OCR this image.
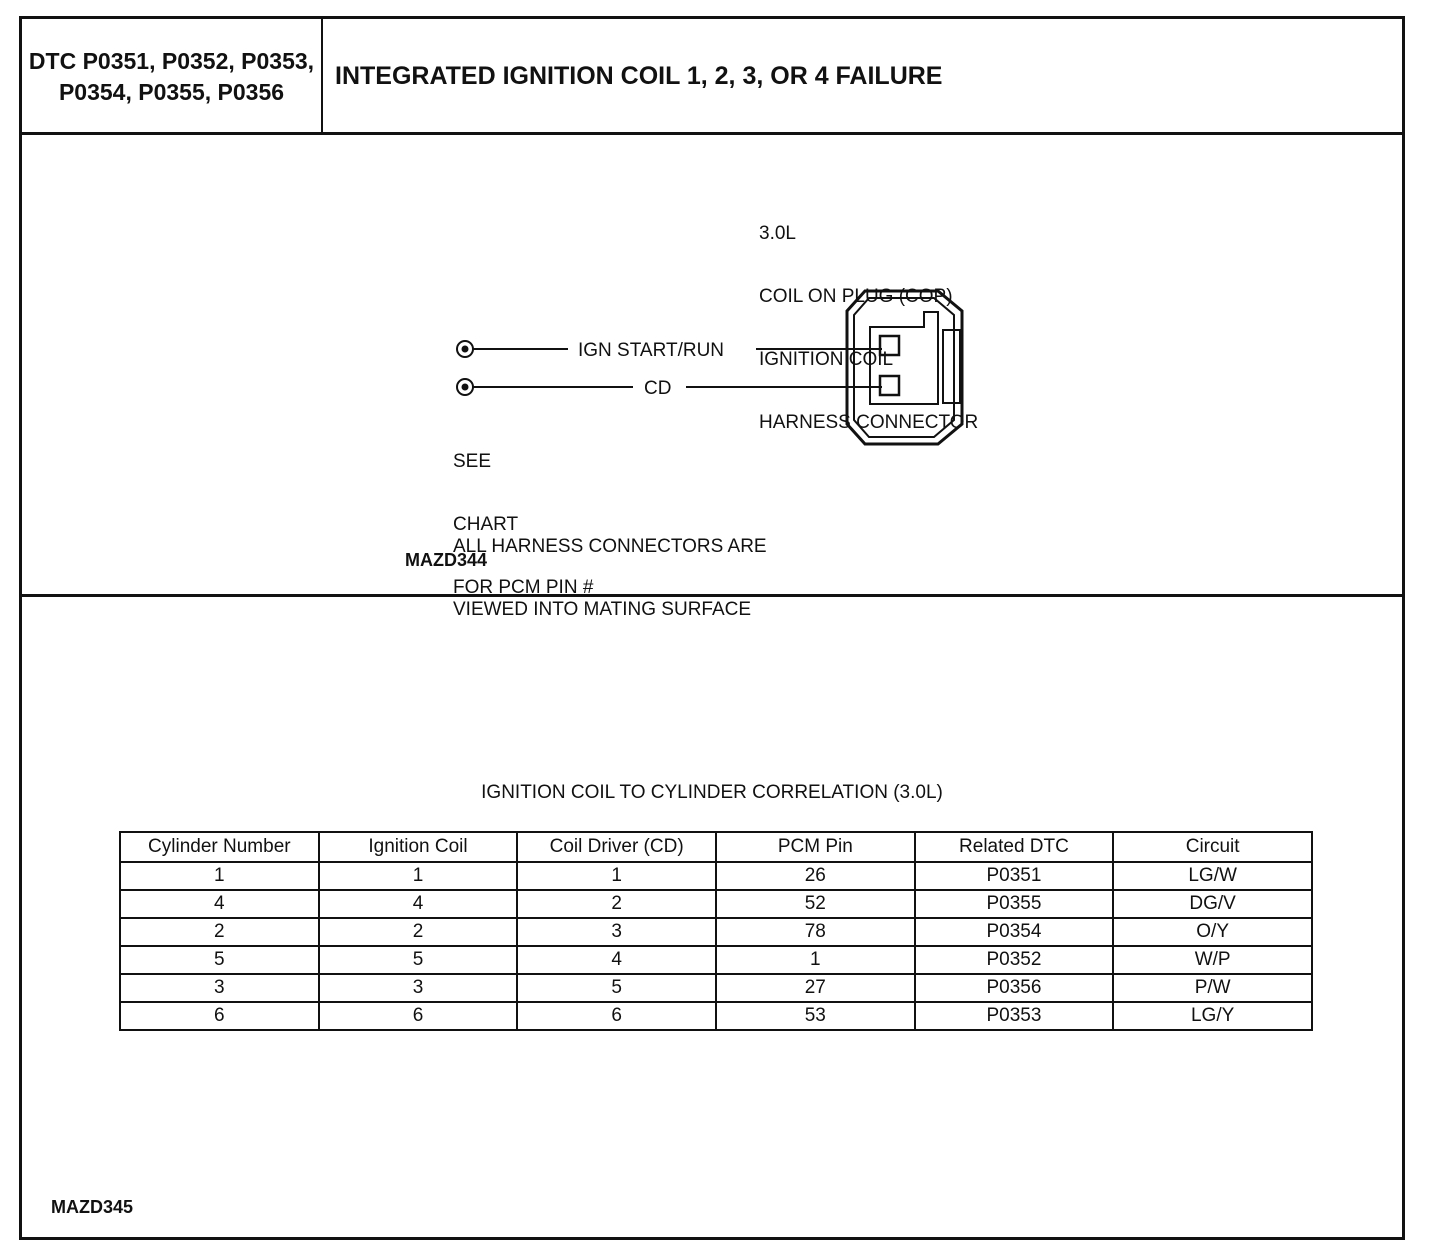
DTC P0351, P0352, P0353, P0354, P0355, P0356
INTEGRATED IGNITION COIL 1, 2, 3, OR 4 FAILURE

3.0L

COIL ON PLUG (COP)

IGNITION COIL

HARNESS CONNECTOR

IGN START/RUN
CD

SEE

CHART

FOR PCM PIN #

ALL HARNESS CONNECTORS ARE

VIEWED INTO MATING SURFACE

MAZD344
IGNITION COIL TO CYLINDER CORRELATION (3.0L)
Cylinder Number	Ignition Coil	Coil Driver (CD)	PCM Pin	Related DTC	Circuit
1	1	1	26	P0351	LG/W
4	4	2	52	P0355	DG/V
2	2	3	78	P0354	O/Y
5	5	4	1	P0352	W/P
3	3	5	27	P0356	P/W
6	6	6	53	P0353	LG/Y
MAZD345
